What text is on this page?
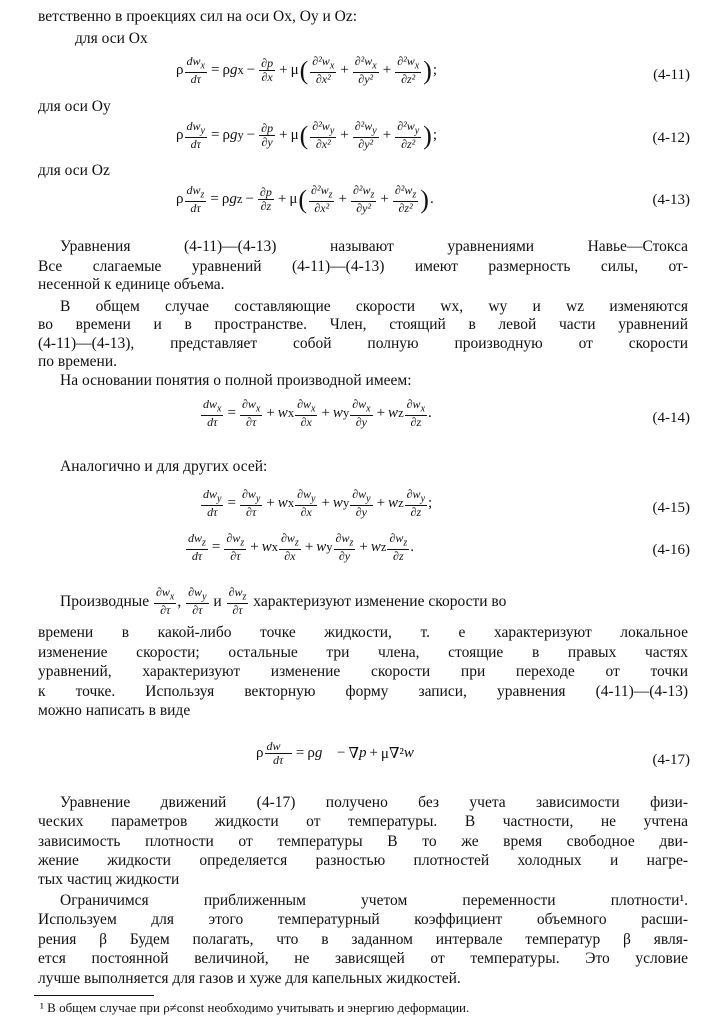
ветственно в проекциях сил на оси Ox, Oy и Oz:
для оси Ox
ρ $\frac{dw_x}{d\tau} = \rho$ g $x - \frac{\partial p}{\partial x} + \mu$ ( $\frac{\partial^2w_x}{\text{∂x²}} + \frac{\partial^2w_x}{\text{∂y²}} + \frac{\partial^2w_x}{\text{∂z²}}$ ) ;	(4-11)
для оси Oy
ρ $\frac{dw_y}{d\tau} = \rho$ g $y - \frac{\partial p}{\partial y} + \mu$ ( $\frac{\partial^2w_y}{\text{∂x²}} + \frac{\partial^2w_y}{\text{∂y²}} + \frac{\partial^2w_y}{\text{∂z²}}$ ) ;	(4-12)
для оси Oz
ρ $\frac{dw_z}{d\tau} = \rho$ g $z - \frac{\partial p}{\partial z} + \mu$ ( $\frac{\partial^2w_z}{\text{∂x²}} + \frac{\partial^2w_z}{\text{∂y²}} + \frac{\partial^2w_z}{\text{∂z²}}$ ) .	(4-13)
Уравнения (4-11)—(4-13) называют уравнениями Навье—Стокса
Все слагаемые уравнений (4-11)—(4-13) имеют размерность силы, от-
несенной к единице объема.
В общем случае составляющие скорости wx, wy и wz изменяются
во времени и в пространстве. Член, стоящий в левой части уравнений
(4-11)—(4-13), представляет собой полную производную от скорости
по времени.
На основании понятия о полной производной имеем:
$\frac{dw_x}{d\tau} = \frac{\partial w_x}{\partial\tau} + w$ x $\frac{\partial w_x}{\partial x} + w$ y $\frac{\partial w_x}{\partial y} + w$ z $\frac{\partial w_x}{\partial z}$ .	(4-14)
Аналогично и для других осей:
$\frac{dw_y}{d\tau} = \frac{\partial w_y}{\partial\tau} + w$ x $\frac{\partial w_y}{\partial x} + w$ y $\frac{\partial w_y}{\partial y} + w$ z $\frac{\partial w_y}{\partial z}$ ;	(4-15)
$\frac{dw_z}{d\tau} = \frac{\partial w_z}{\partial\tau} + w$ x $\frac{\partial w_z}{\partial x} + w$ y $\frac{\partial w_z}{\partial y} + w$ z $\frac{\partial w_z}{\partial z}$ .	(4-16)
Производные
$\frac{\partial w_x}{\partial\tau}$ , $\frac{\partial w_y}{\partial\tau}$
и
$\frac{\partial w_z}{\partial\tau}$
характеризуют изменение скорости во
времени в какой-либо точке жидкости, т. е характеризуют локальное
изменение скорости; остальные три члена, стоящие в правых частях
уравнений, характеризуют изменение скорости при переходе от точки
к точке. Используя векторную форму записи, уравнения (4-11)—(4-13)
можно написать в виде
ρ $\frac{dw⃗}{d\tau} = \rho$ g⃗ − ∇ p + μ∇² w⃗	(4-17)
Уравнение движений (4-17) получено без учета зависимости физи-
ческих параметров жидкости от температуры. В частности, не учтена
зависимость плотности от температуры В то же время свободное дви-
жение жидкости определяется разностью плотностей холодных и нагре-
тых частиц жидкости
Ограничимся приближенным учетом переменности плотности¹.
Используем для этого температурный коэффициент объемного расши-
рения β Будем полагать, что в заданном интервале температур β явля-
ется постоянной величиной, не зависящей от температуры. Это условие
лучше выполняется для газов и хуже для капельных жидкостей.
¹ В общем случае при ρ≠const необходимо учитывать и энергию деформации.
